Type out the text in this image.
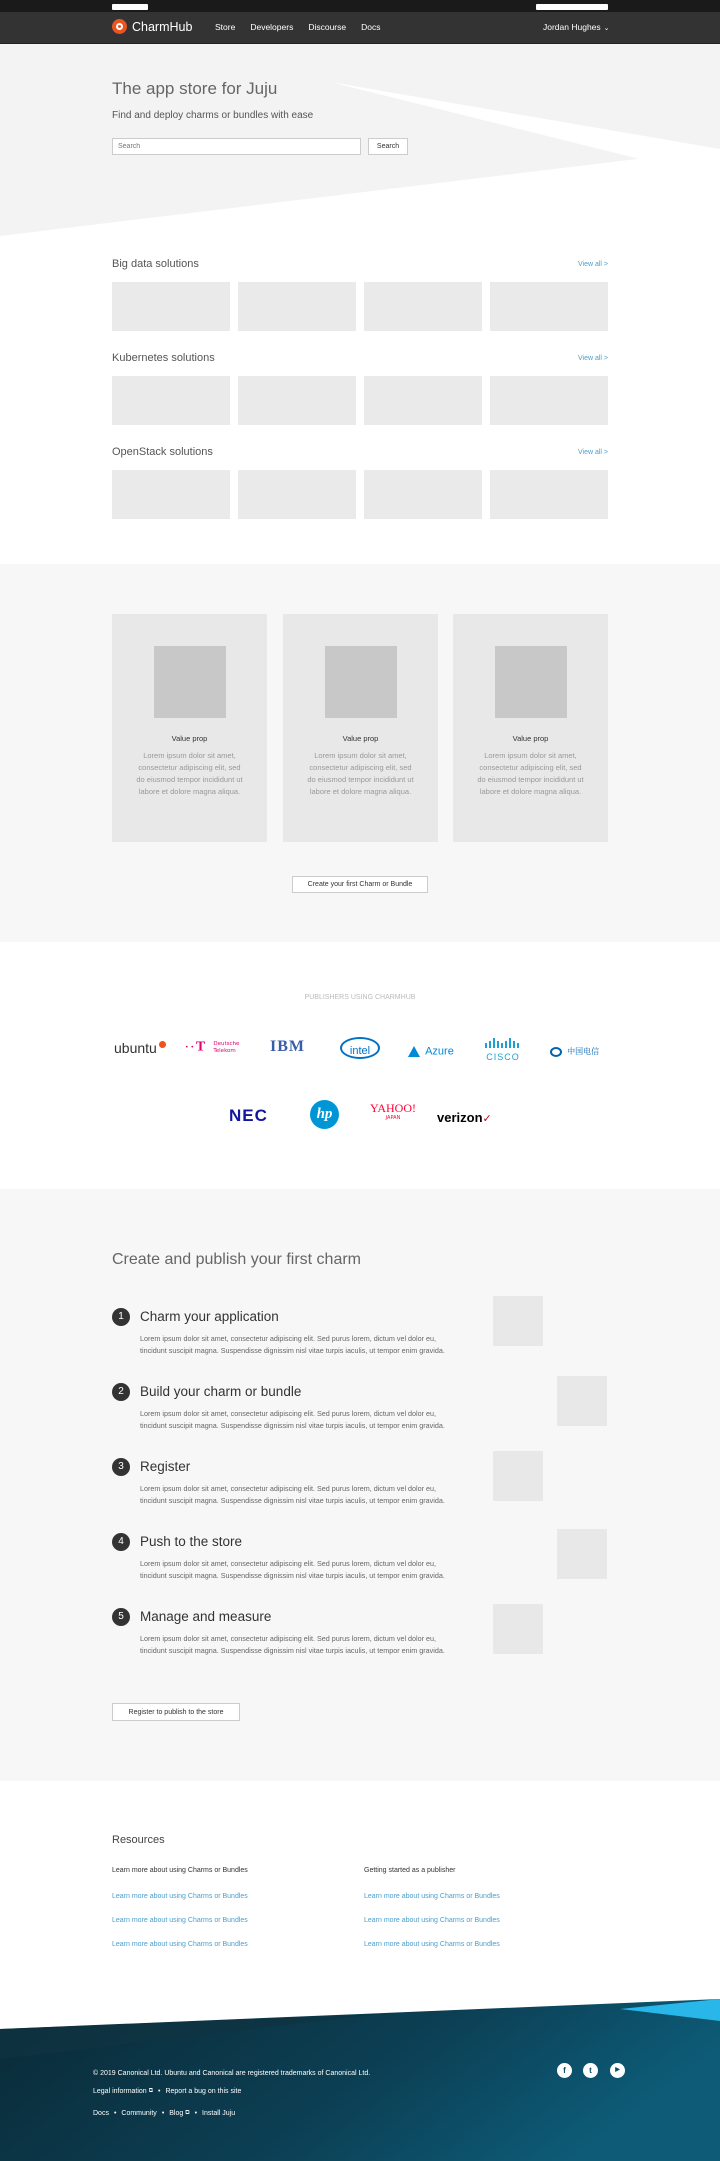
CharmHub	Store Developers Discourse Docs	Jordan Hughes ⌄
The app store for Juju

Find and deploy charms or bundles with ease

Search
Search
Big data solutions	View all >
Kubernetes solutions	View all >
OpenStack solutions	View all >
Value prop
Lorem ipsum dolor sit amet, consectetur adipiscing elit, sed do eiusmod tempor incididunt ut labore et dolore magna aliqua.
Value prop
Lorem ipsum dolor sit amet, consectetur adipiscing elit, sed do eiusmod tempor incididunt ut labore et dolore magna aliqua.
Value prop
Lorem ipsum dolor sit amet, consectetur adipiscing elit, sed do eiusmod tempor incididunt ut labore et dolore magna aliqua.
Create your first Charm or Bundle
PUBLISHERS USING CHARMHUB
ubuntu	• • T Deutsche
Telekom IBM	intel	Azure	CISCO
中国电信
NEC	hp	YAHOO!
JAPAN	verizon✓
Create and publish your first charm
1	Charm your application
Lorem ipsum dolor sit amet, consectetur adipiscing elit. Sed purus lorem, dictum vel dolor eu, tincidunt suscipit magna. Suspendisse dignissim nisl vitae turpis iaculis, ut tempor enim gravida.
2	Build your charm or bundle
Lorem ipsum dolor sit amet, consectetur adipiscing elit. Sed purus lorem, dictum vel dolor eu, tincidunt suscipit magna. Suspendisse dignissim nisl vitae turpis iaculis, ut tempor enim gravida.
3	Register
Lorem ipsum dolor sit amet, consectetur adipiscing elit. Sed purus lorem, dictum vel dolor eu, tincidunt suscipit magna. Suspendisse dignissim nisl vitae turpis iaculis, ut tempor enim gravida.
4	Push to the store
Lorem ipsum dolor sit amet, consectetur adipiscing elit. Sed purus lorem, dictum vel dolor eu, tincidunt suscipit magna. Suspendisse dignissim nisl vitae turpis iaculis, ut tempor enim gravida.
5	Manage and measure
Lorem ipsum dolor sit amet, consectetur adipiscing elit. Sed purus lorem, dictum vel dolor eu, tincidunt suscipit magna. Suspendisse dignissim nisl vitae turpis iaculis, ut tempor enim gravida.
Register to publish to the store
Resources
Learn more about using Charms or Bundles
Learn more about using Charms or Bundles
Learn more about using Charms or Bundles
Learn more about using Charms or Bundles
Getting started as a publisher
Learn more about using Charms or Bundles
Learn more about using Charms or Bundles
Learn more about using Charms or Bundles
© 2019 Canonical Ltd. Ubuntu and Canonical are registered trademarks of Canonical Ltd.
Legal information ⧉ • Report a bug on this site
Docs • Community • Blog ⧉ • Install Juju
f	t	▶
